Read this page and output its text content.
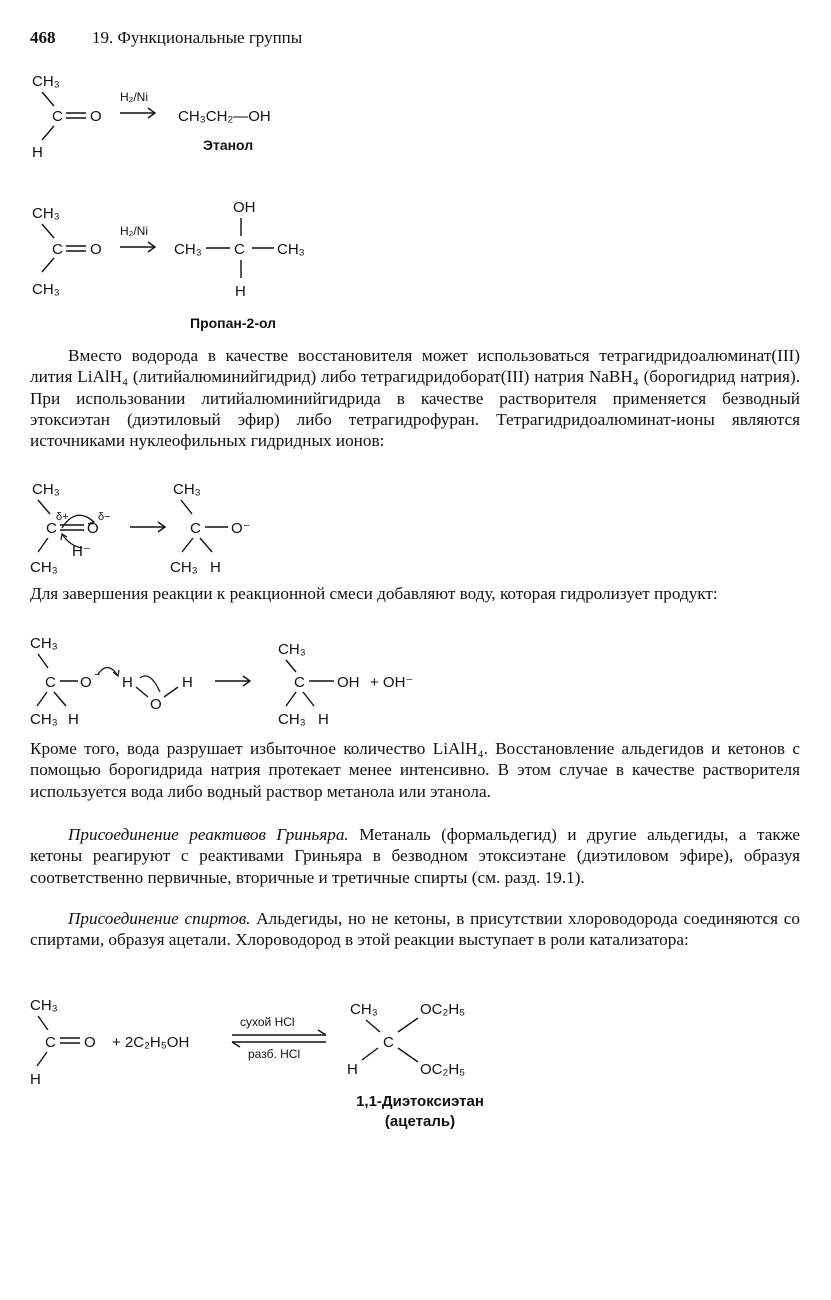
468 19. Функциональные группы
CH₃
C O
H
H₂/Ni
CH₃CH₂—OH
Этанол
CH₃
C O
CH₃
H₂/Ni
OH
CH₃ C CH₃
H
Пропан-2-ол

Вместо водорода в качестве восстановителя может использоваться тетрагидридоалюминат(III) лития LiAlH₄ (литийалюминийгидрид) либо тетрагидридоборат(III) натрия NaBH₄ (борогидрид натрия). При использовании литийалюминийгидрида в качестве растворителя применяется безводный этоксиэтан (диэтиловый эфир) либо тетрагидрофуран. Тетрагидридоалюминат-ионы являются источниками нуклеофильных гидридных ионов:

CH₃
δ+	δ−
C O
H⁻
CH₃
CH₃
C O⁻
CH₃ H

Для завершения реакции к реакционной смеси добавляют воду, которая гидролизует продукт:

CH₃
C O −
CH₃ H
H
O
H
CH₃
C OH + OH⁻
CH₃ H

Кроме того, вода разрушает избыточное количество LiAlH₄. Восстановление альдегидов и кетонов с помощью борогидрида натрия протекает менее интенсивно. В этом случае в качестве растворителя используется вода либо водный раствор метанола или этанола.

Присоединение реактивов Гриньяра. Метаналь (формальдегид) и другие альдегиды, а также кетоны реагируют с реактивами Гриньяра в безводном этоксиэтане (диэтиловом эфире), образуя соответственно первичные, вторичные и третичные спирты (см. разд. 19.1).

Присоединение спиртов. Альдегиды, но не кетоны, в присутствии хлороводорода соединяются со спиртами, образуя ацетали. Хлороводород в этой реакции выступает в роли катализатора:

CH₃
C O
H
+ 2C₂H₅OH
сухой HCl
разб. HCl
CH₃	OC₂H₅
C
H	OC₂H₅
1,1-Диэтоксиэтан
(ацеталь)
